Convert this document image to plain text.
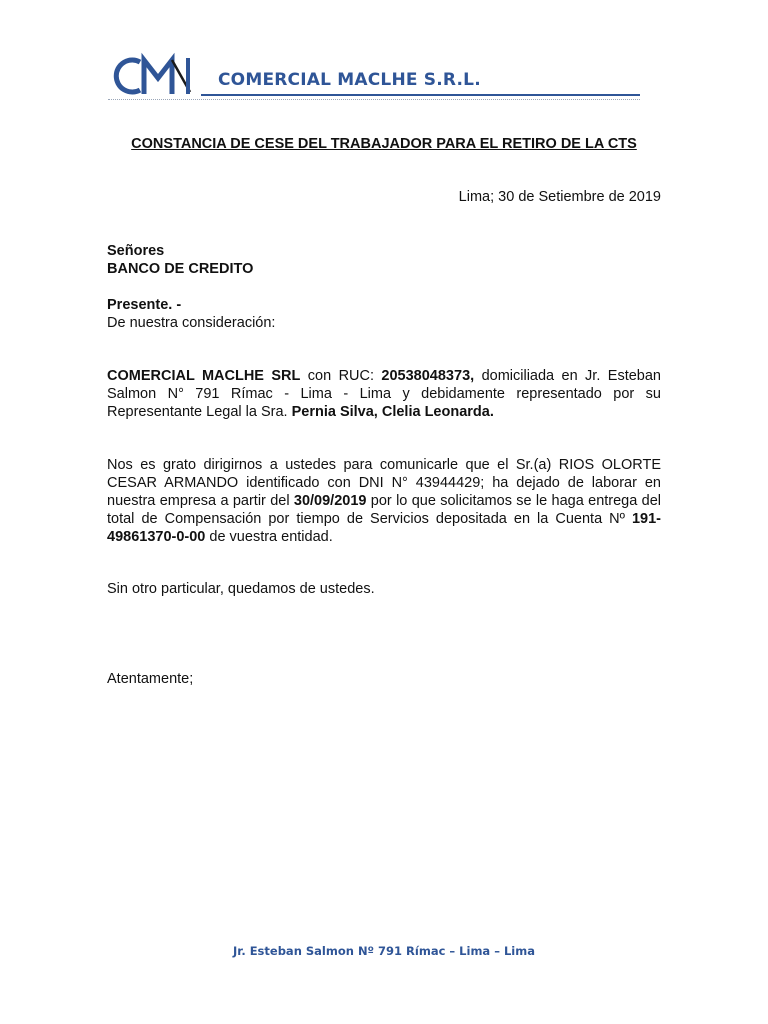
COMERCIAL MACLHE S.R.L.
CONSTANCIA DE CESE DEL TRABAJADOR PARA EL RETIRO DE LA CTS
Lima; 30 de Setiembre de 2019
Señores
BANCO DE CREDITO
Presente. -
De nuestra consideración:
COMERCIAL MACLHE SRL con RUC: 20538048373, domiciliada en Jr. Esteban Salmon N° 791 Rímac - Lima - Lima y debidamente representado por su Representante Legal la Sra. Pernia Silva, Clelia Leonarda.
Nos es grato dirigirnos a ustedes para comunicarle que el Sr.(a) RIOS OLORTE CESAR ARMANDO identificado con DNI N° 43944429; ha dejado de laborar en nuestra empresa a partir del 30/09/2019 por lo que solicitamos se le haga entrega del total de Compensación por tiempo de Servicios depositada en la Cuenta Nº 191-49861370-0-00 de vuestra entidad.
Sin otro particular, quedamos de ustedes.
Atentamente;
Jr. Esteban Salmon Nº 791 Rímac – Lima – Lima
